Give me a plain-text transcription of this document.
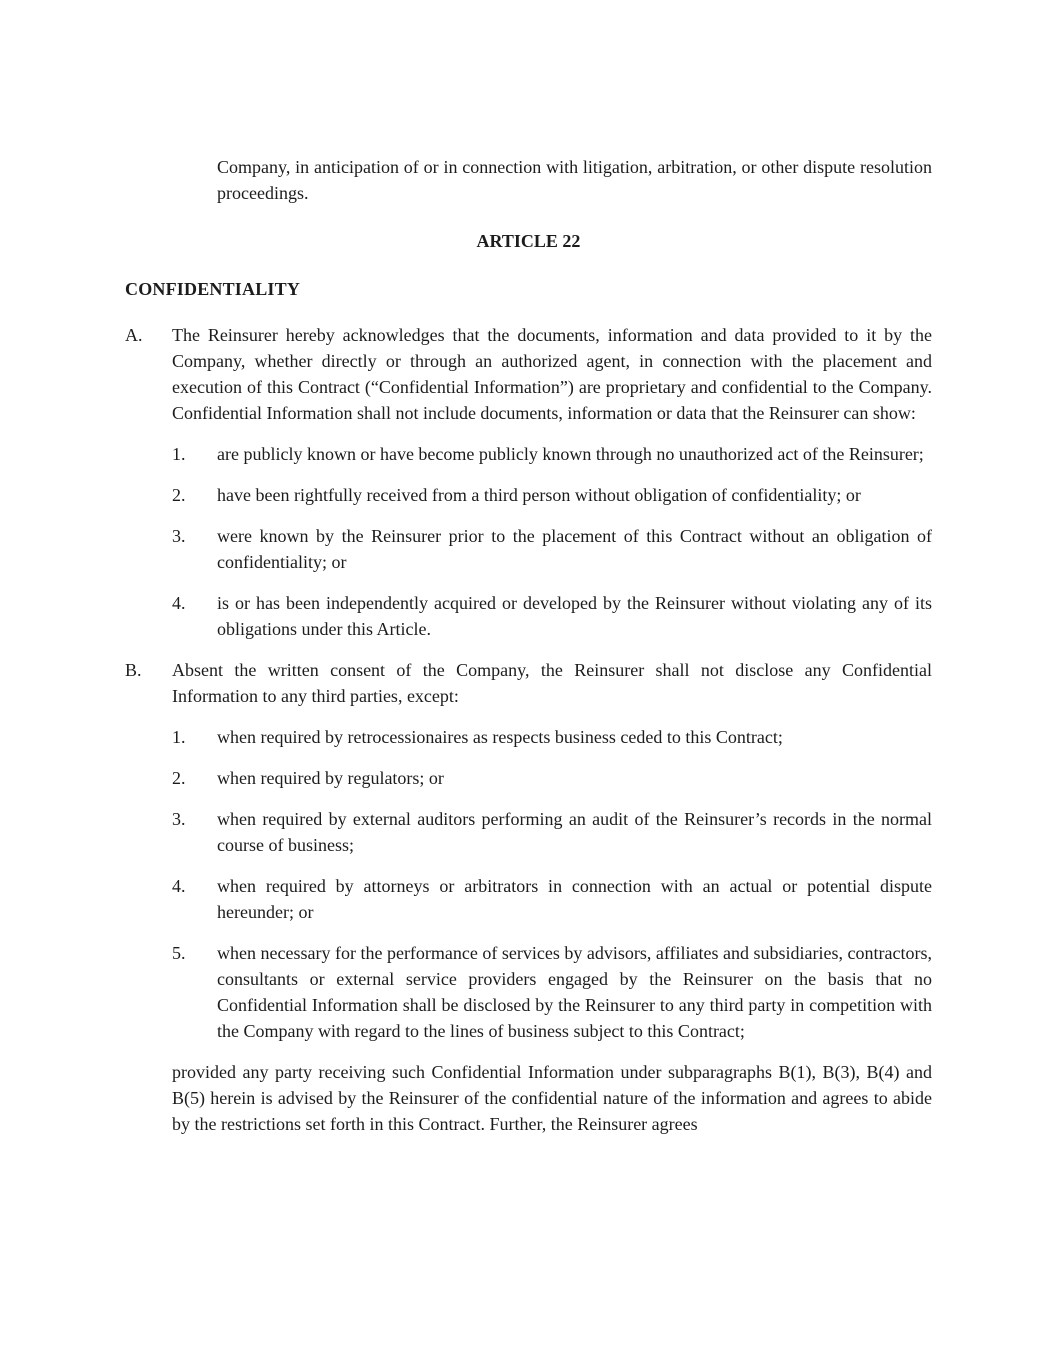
Company, in anticipation of or in connection with litigation, arbitration, or other dispute resolution proceedings.

ARTICLE 22

CONFIDENTIALITY

A. The Reinsurer hereby acknowledges that the documents, information and data provided to it by the Company, whether directly or through an authorized agent, in connection with the placement and execution of this Contract (“Confidential Information”) are proprietary and confidential to the Company. Confidential Information shall not include documents, information or data that the Reinsurer can show:

1. are publicly known or have become publicly known through no unauthorized act of the Reinsurer;

2. have been rightfully received from a third person without obligation of confidentiality; or

3. were known by the Reinsurer prior to the placement of this Contract without an obligation of confidentiality; or

4. is or has been independently acquired or developed by the Reinsurer without violating any of its obligations under this Article.

B. Absent the written consent of the Company, the Reinsurer shall not disclose any Confidential Information to any third parties, except:

1. when required by retrocessionaires as respects business ceded to this Contract;

2. when required by regulators; or

3. when required by external auditors performing an audit of the Reinsurer’s records in the normal course of business;

4. when required by attorneys or arbitrators in connection with an actual or potential dispute hereunder; or

5. when necessary for the performance of services by advisors, affiliates and subsidiaries, contractors, consultants or external service providers engaged by the Reinsurer on the basis that no Confidential Information shall be disclosed by the Reinsurer to any third party in competition with the Company with regard to the lines of business subject to this Contract;

provided any party receiving such Confidential Information under subparagraphs B(1), B(3), B(4) and B(5) herein is advised by the Reinsurer of the confidential nature of the information and agrees to abide by the restrictions set forth in this Contract. Further, the Reinsurer agrees
